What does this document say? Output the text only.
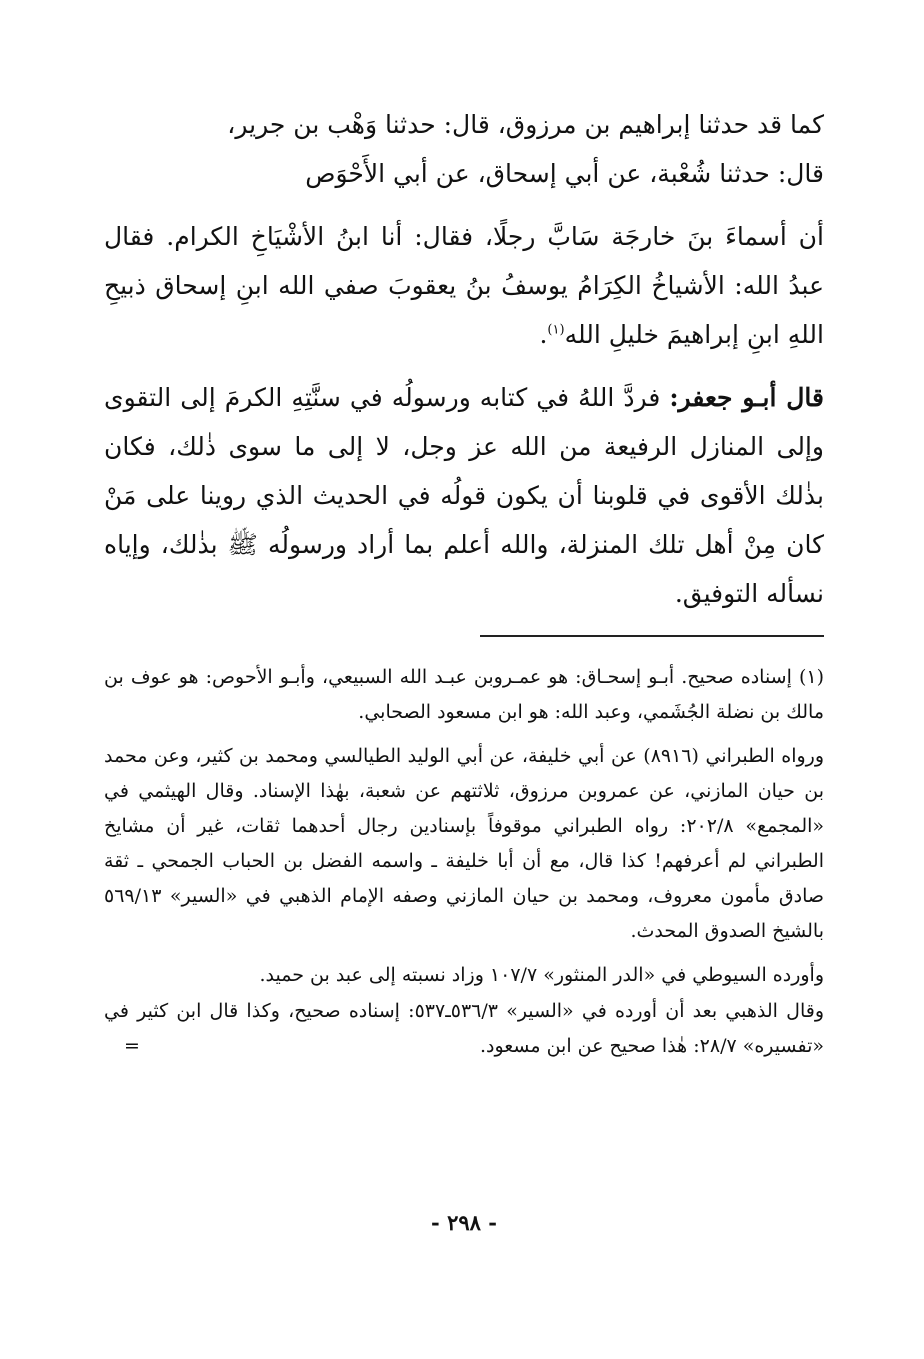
كما قد حدثنا إبراهيم بن مرزوق، قال: حدثنا وَهْب بن جرير،

قال: حدثنا شُعْبة، عن أبي إسحاق، عن أبي الأَحْوَص

أن أسماءَ بنَ خارجَة سَابَّ رجلًا، فقال: أنا ابنُ الأشْيَاخِ الكرام. فقال عبدُ الله: الأشياخُ الكِرَامُ يوسفُ بنُ يعقوبَ صفي الله ابنِ إسحاق ذبيحِ اللهِ ابنِ إبراهيمَ خليلِ الله$^{(١)}$.

قال أبـو جعفر: فردَّ اللهُ في كتابه ورسولُه في سنَّتِهِ الكرمَ إلى التقوى وإلى المنازل الرفيعة من الله عز وجل، لا إلى ما سوى ذٰلك، فكان بذٰلك الأقوى في قلوبنا أن يكون قولُه في الحديث الذي روينا على مَنْ كان مِنْ أهل تلك المنزلة، والله أعلم بما أراد ورسولُه ﷺ بذٰلك، وإياه نسأله التوفيق.

(١) إسناده صحيح. أبـو إسحـاق: هو عمـروبن عبـد الله السبيعي، وأبـو الأحوص: هو عوف بن مالك بن نضلة الجُشَمي، وعبد الله: هو ابن مسعود الصحابي.

ورواه الطبراني (٨٩١٦) عن أبي خليفة، عن أبي الوليد الطيالسي ومحمد بن كثير، وعن محمد بن حيان المازني، عن عمروبن مرزوق، ثلاثتهم عن شعبة، بهٰذا الإسناد. وقال الهيثمي في «المجمع» ٢٠٢/٨: رواه الطبراني موقوفاً بإسنادين رجال أحدهما ثقات، غير أن مشايخ الطبراني لم أعرفهم! كذا قال، مع أن أبا خليفة ـ واسمه الفضل بن الحباب الجمحي ـ ثقة صادق مأمون معروف، ومحمد بن حيان المازني وصفه الإمام الذهبي في «السير» ٥٦٩/١٣ بالشيخ الصدوق المحدث.

وأورده السيوطي في «الدر المنثور» ١٠٧/٧ وزاد نسبته إلى عبد بن حميد.

وقال الذهبي بعد أن أورده في «السير» ٥٣٦/٣ـ٥٣٧: إسناده صحيح، وكذا قال ابن كثير في «تفسيره» ٢٨/٧: هٰذا صحيح عن ابن مسعود.
=

- ٢٩٨ -
